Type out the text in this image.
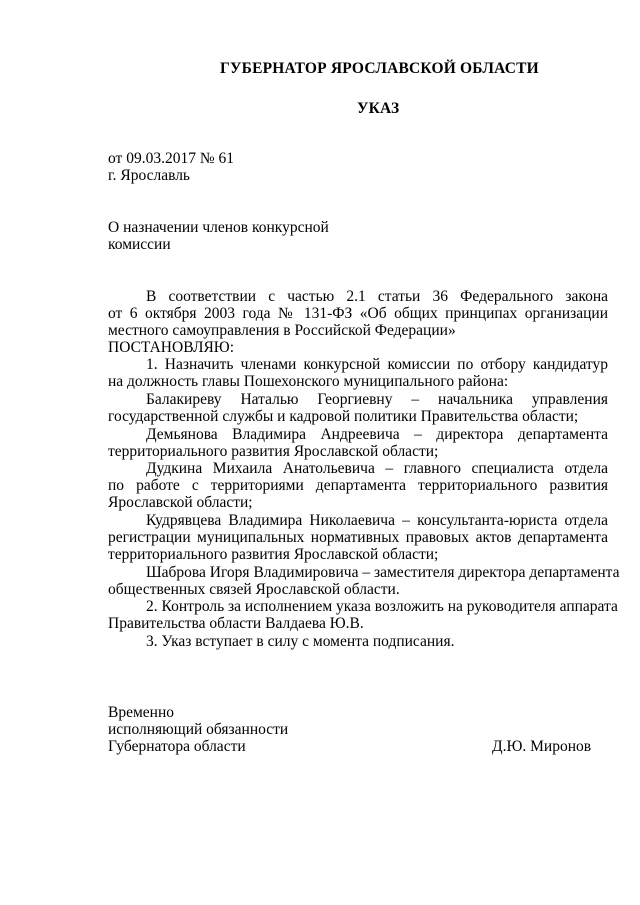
ГУБЕРНАТОР ЯРОСЛАВСКОЙ ОБЛАСТИ
УКАЗ
от 09.03.2017 № 61
г. Ярославль
О назначении членов конкурсной
комиссии
В соответствии с частью 2.1 статьи 36 Федерального закона
от 6 октября 2003 года № 131-ФЗ «Об общих принципах организации
местного самоуправления в Российской Федерации»
ПОСТАНОВЛЯЮ:
1. Назначить членами конкурсной комиссии по отбору кандидатур
на должность главы Пошехонского муниципального района:
Балакиреву Наталью Георгиевну – начальника управления
государственной службы и кадровой политики Правительства области;
Демьянова Владимира Андреевича – директора департамента
территориального развития Ярославской области;
Дудкина Михаила Анатольевича – главного специалиста отдела
по работе с территориями департамента территориального развития
Ярославской области;
Кудрявцева Владимира Николаевича – консультанта-юриста отдела
регистрации муниципальных нормативных правовых актов департамента
территориального развития Ярославской области;
Шаброва Игоря Владимировича – заместителя директора департамента
общественных связей Ярославской области.
2. Контроль за исполнением указа возложить на руководителя аппарата
Правительства области Валдаева Ю.В.
3. Указ вступает в силу с момента подписания.
Временно
исполняющий обязанности
Губернатора области	Д.Ю. Миронов
